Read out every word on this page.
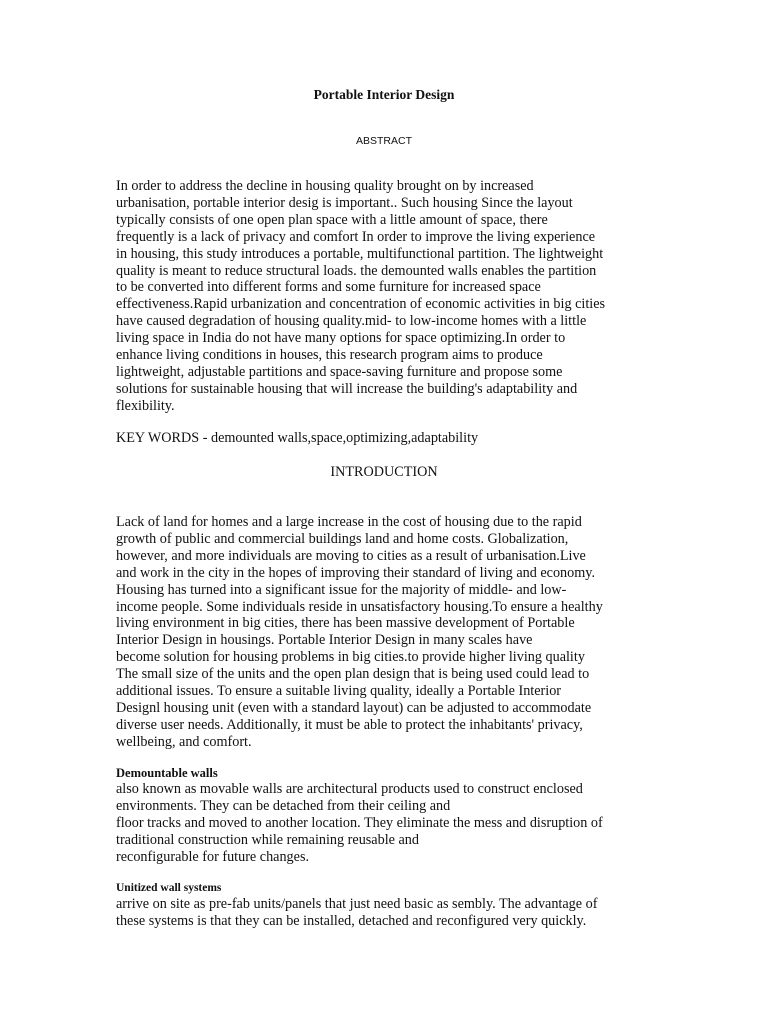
Portable Interior Design
ABSTRACT

In order to address the decline in housing quality brought on by increased
urbanisation, portable interior desig is important.. Such housing Since the layout
typically consists of one open plan space with a little amount of space, there
frequently is a lack of privacy and comfort In order to improve the living experience
in housing, this study introduces a portable, multifunctional partition. The lightweight
quality is meant to reduce structural loads. the demounted walls enables the partition
to be converted into different forms and some furniture for increased space
effectiveness.Rapid urbanization and concentration of economic activities in big cities
have caused degradation of housing quality.mid- to low-income homes with a little
living space in India do not have many options for space optimizing.In order to
enhance living conditions in houses, this research program aims to produce
lightweight, adjustable partitions and space-saving furniture and propose some
solutions for sustainable housing that will increase the building's adaptability and
flexibility.

KEY WORDS - demounted walls,space,optimizing,adaptability
INTRODUCTION

Lack of land for homes and a large increase in the cost of housing due to the rapid
growth of public and commercial buildings land and home costs. Globalization,
however, and more individuals are moving to cities as a result of urbanisation.Live
and work in the city in the hopes of improving their standard of living and economy.
Housing has turned into a significant issue for the majority of middle- and low-
income people. Some individuals reside in unsatisfactory housing.To ensure a healthy
living environment in big cities, there has been massive development of Portable
Interior Design in housings. Portable Interior Design in many scales have
become solution for housing problems in big cities.to provide higher living quality
The small size of the units and the open plan design that is being used could lead to
additional issues. To ensure a suitable living quality, ideally a Portable Interior
Designl housing unit (even with a standard layout) can be adjusted to accommodate
diverse user needs. Additionally, it must be able to protect the inhabitants' privacy,
wellbeing, and comfort.

Demountable walls

also known as movable walls are architectural products used to construct enclosed
environments. They can be detached from their ceiling and
floor tracks and moved to another location. They eliminate the mess and disruption of
traditional construction while remaining reusable and
reconfigurable for future changes.

Unitized wall systems

arrive on site as pre-fab units/panels that just need basic as sembly. The advantage of
these systems is that they can be installed, detached and reconfigured very quickly.
